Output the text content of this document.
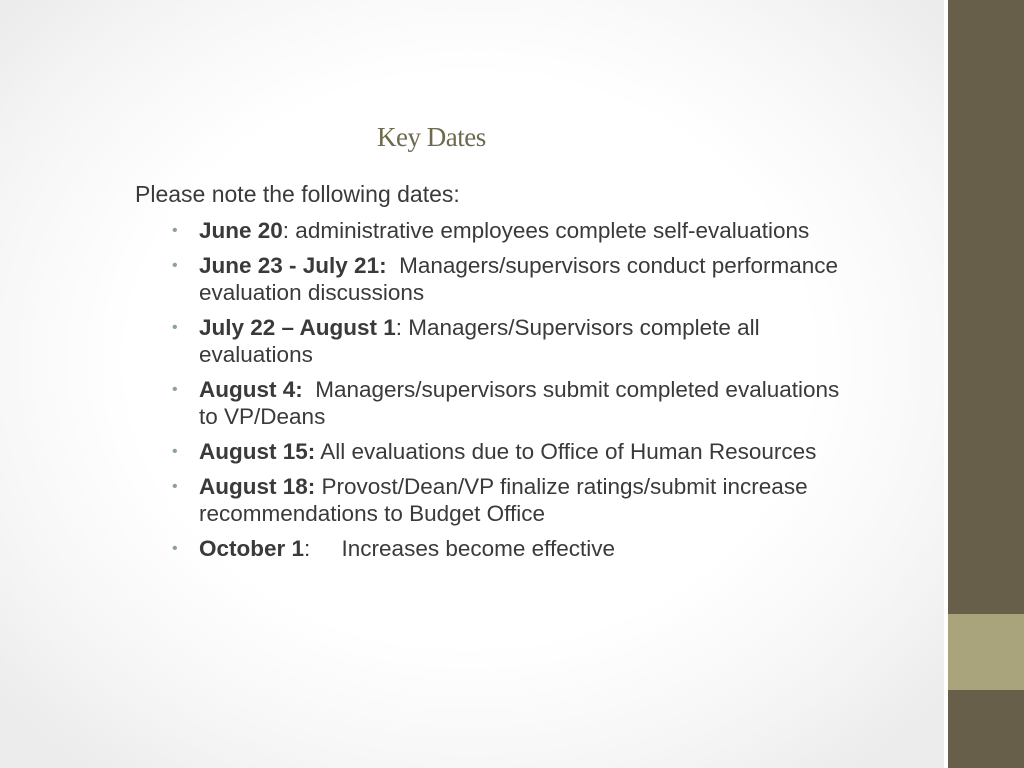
Key Dates

Please note the following dates:

• June 20: administrative employees complete self-evaluations
• June 23 - July 21:  Managers/supervisors conduct performance evaluation discussions
• July 22 – August 1: Managers/Supervisors complete all evaluations
• August 4:  Managers/supervisors submit completed evaluations to VP/Deans
• August 15: All evaluations due to Office of Human Resources
• August 18: Provost/Dean/VP finalize ratings/submit increase recommendations to Budget Office
• October 1:     Increases become effective
